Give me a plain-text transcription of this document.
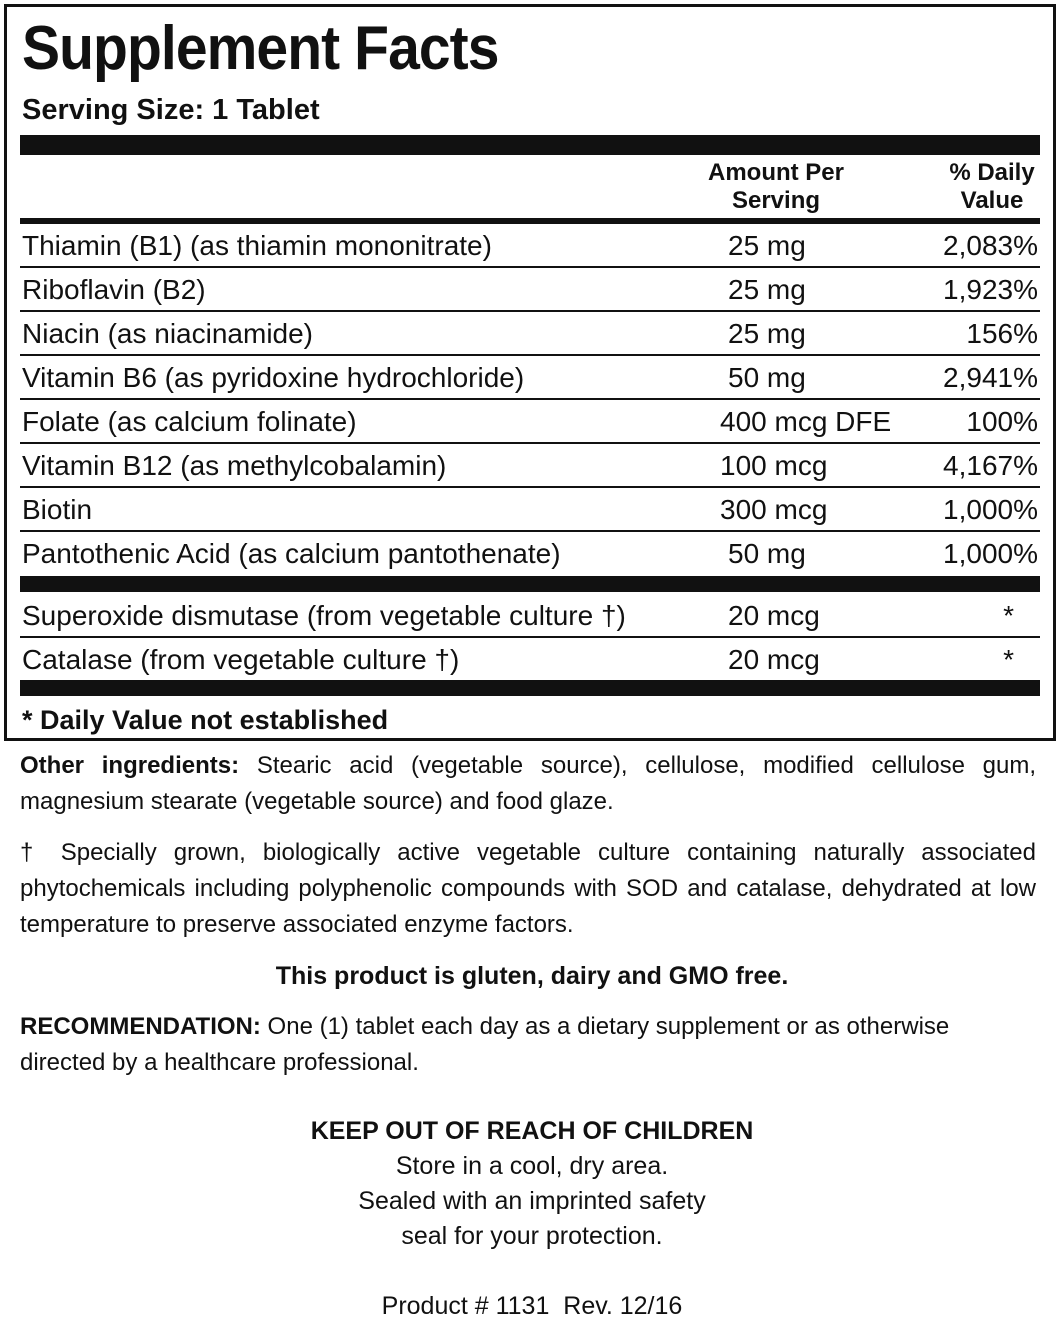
Supplement Facts
Serving Size: 1 Tablet
Amount Per
Serving
% Daily
Value
Thiamin (B1) (as thiamin mononitrate)	25 mg	2,083%
Riboflavin (B2)	25 mg	1,923%
Niacin (as niacinamide)	25 mg	156%
Vitamin B6 (as pyridoxine hydrochloride)	50 mg	2,941%
Folate (as calcium folinate)	400 mcg DFE	100%
Vitamin B12 (as methylcobalamin)	100 mcg	4,167%
Biotin	300 mcg	1,000%
Pantothenic Acid (as calcium pantothenate)	50 mg	1,000%
Superoxide dismutase (from vegetable culture †)	20 mcg	*
Catalase (from vegetable culture †)	20 mcg	*
* Daily Value not established
Other ingredients: Stearic acid (vegetable source), cellulose, modified cellulose gum, magnesium stearate (vegetable source) and food glaze.
† Specially grown, biologically active vegetable culture containing naturally associated phytochemicals including polyphenolic compounds with SOD and catalase, dehydrated at low temperature to preserve associated enzyme factors.
This product is gluten, dairy and GMO free.
RECOMMENDATION: One (1) tablet each day as a dietary supplement or as otherwise directed by a healthcare professional.
KEEP OUT OF REACH OF CHILDREN
Store in a cool, dry area.
Sealed with an imprinted safety
seal for your protection.
Product # 1131  Rev. 12/16
